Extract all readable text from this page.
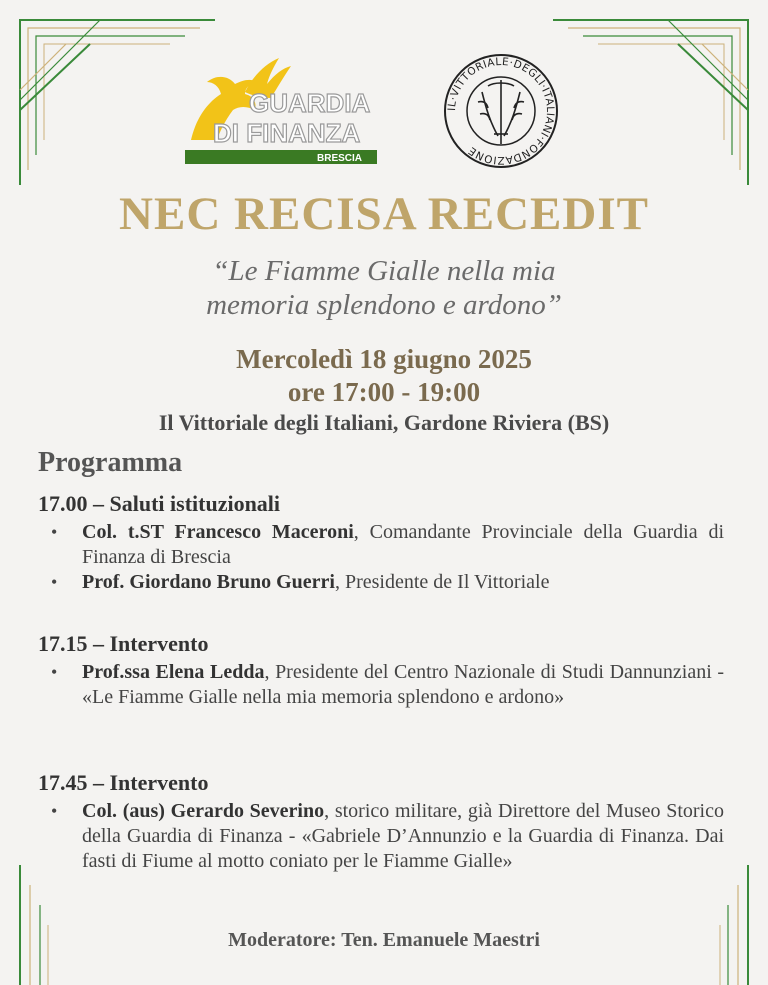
GUARDIA
DI FINANZA
BRESCIA
IL·VITTORIALE·DEGLI·ITALIANI·FONDAZIONE
NEC RECISA RECEDIT
“Le Fiamme Gialle nella mia
memoria splendono e ardono”
Mercoledì 18 giugno 2025
ore 17:00 - 19:00
Il Vittoriale degli Italiani, Gardone Riviera (BS)
Programma
17.00 – Saluti istituzionali
• Col. t.ST Francesco Maceroni, Comandante Provinciale della Guardia di Finanza di Brescia
• Prof. Giordano Bruno Guerri, Presidente de Il Vittoriale
17.15 – Intervento
• Prof.ssa Elena Ledda, Presidente del Centro Nazionale di Studi Dannunziani - «Le Fiamme Gialle nella mia memoria splendono e ardono»
17.45 – Intervento
• Col. (aus) Gerardo Severino, storico militare, già Direttore del Museo Storico della Guardia di Finanza - «Gabriele D’Annunzio e la Guardia di Finanza. Dai fasti di Fiume al motto coniato per le Fiamme Gialle»
Moderatore: Ten. Emanuele Maestri
